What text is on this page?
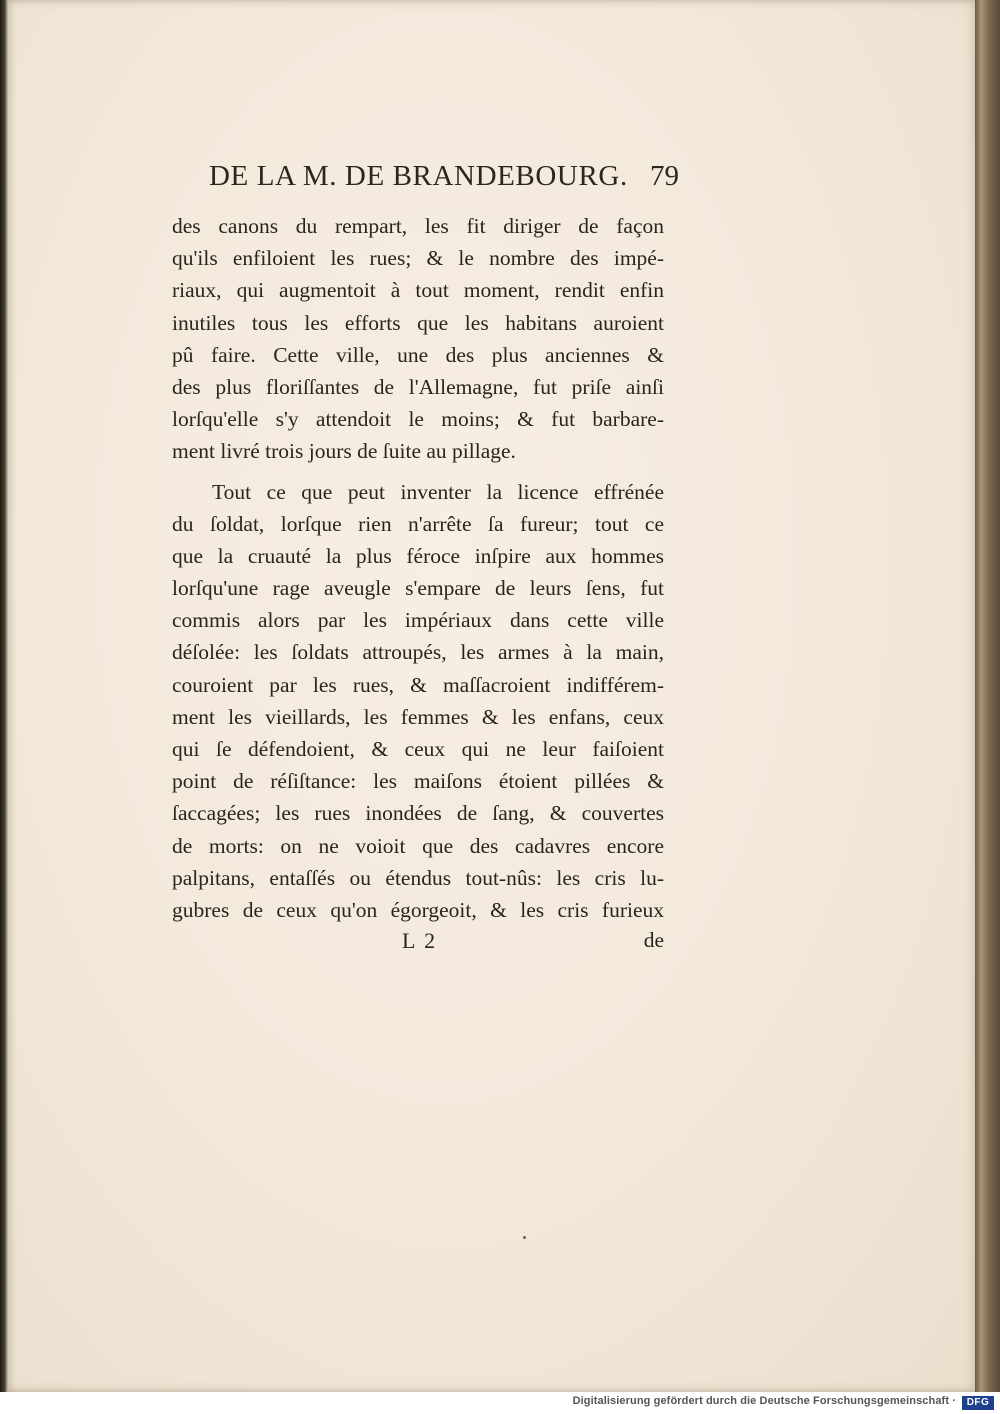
DE LA M. DE BRANDEBOURG. 79
des canons du rempart, les fit diriger de façon
qu'ils enfiloient les rues; & le nombre des impé-
riaux, qui augmentoit à tout moment, rendit enfin
inutiles tous les efforts que les habitans auroient
pû faire. Cette ville, une des plus anciennes &
des plus floriſſantes de l'Allemagne, fut priſe ainſi
lorſqu'elle s'y attendoit le moins; & fut barbare-
ment livré trois jours de ſuite au pillage.
Tout ce que peut inventer la licence effrénée
du ſoldat, lorſque rien n'arrête ſa fureur; tout ce
que la cruauté la plus féroce inſpire aux hommes
lorſqu'une rage aveugle s'empare de leurs ſens, fut
commis alors par les impériaux dans cette ville
déſolée: les ſoldats attroupés, les armes à la main,
couroient par les rues, & maſſacroient indifférem-
ment les vieillards, les femmes & les enfans, ceux
qui ſe défendoient, & ceux qui ne leur faiſoient
point de réſiſtance: les maiſons étoient pillées &
ſaccagées; les rues inondées de ſang, & couvertes
de morts: on ne voioit que des cadavres encore
palpitans, entaſſés ou étendus tout-nûs: les cris lu-
gubres de ceux qu'on égorgeoit, & les cris furieux
L 2	de
Digitalisierung gefördert durch die Deutsche Forschungsgemeinschaft ·	DFG
